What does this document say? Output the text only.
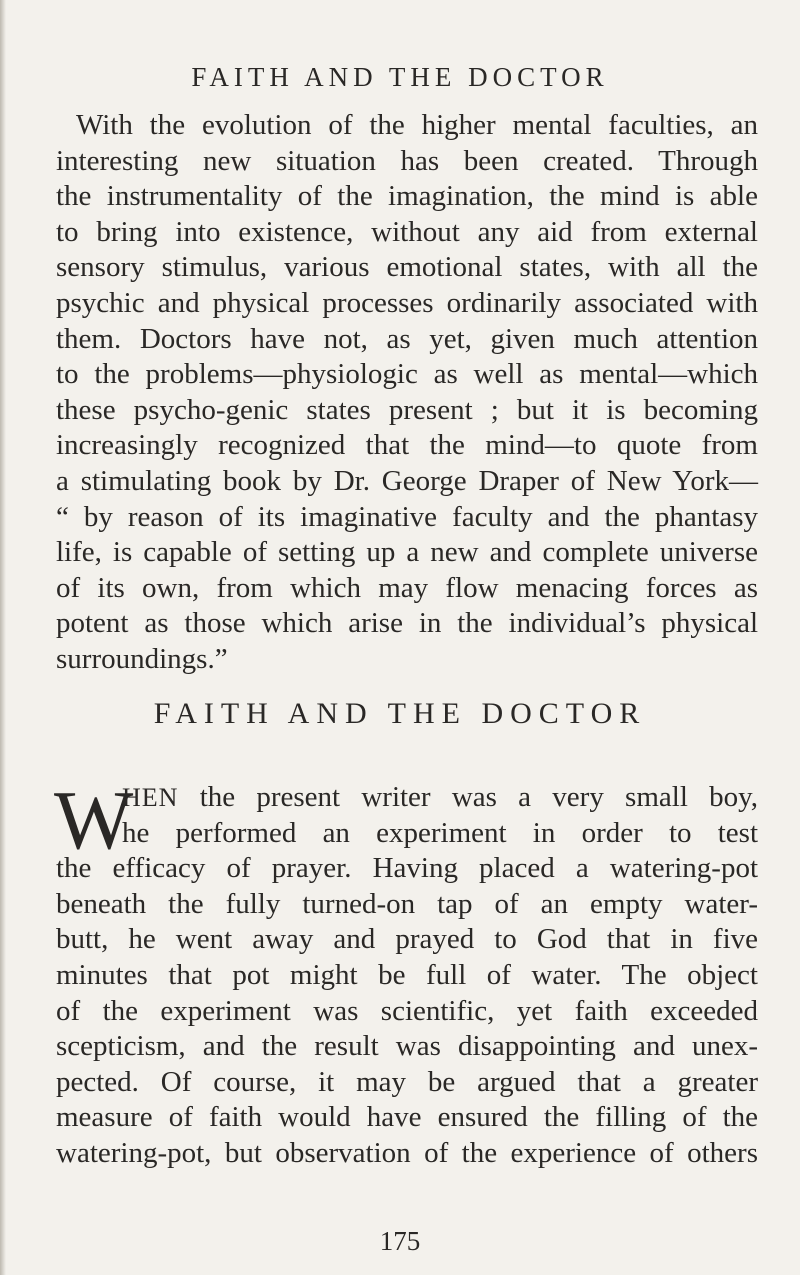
FAITH AND THE DOCTOR
With the evolution of the higher mental faculties, an
interesting new situation has been created. Through
the instrumentality of the imagination, the mind is able
to bring into existence, without any aid from external
sensory stimulus, various emotional states, with all the
psychic and physical processes ordinarily associated with
them. Doctors have not, as yet, given much attention
to the problems—physiologic as well as mental—which
these psycho-genic states present ; but it is becoming
increasingly recognized that the mind—to quote from
a stimulating book by Dr. George Draper of New York—
“ by reason of its imaginative faculty and the phantasy
life, is capable of setting up a new and complete universe
of its own, from which may flow menacing forces as
potent as those which arise in the individual’s physical
surroundings.”
FAITH AND THE DOCTOR
W
HEN the present writer was a very small boy,
he performed an experiment in order to test
the efficacy of prayer. Having placed a watering-pot
beneath the fully turned-on tap of an empty water-
butt, he went away and prayed to God that in five
minutes that pot might be full of water. The object
of the experiment was scientific, yet faith exceeded
scepticism, and the result was disappointing and unex-
pected. Of course, it may be argued that a greater
measure of faith would have ensured the filling of the
watering-pot, but observation of the experience of others
175
